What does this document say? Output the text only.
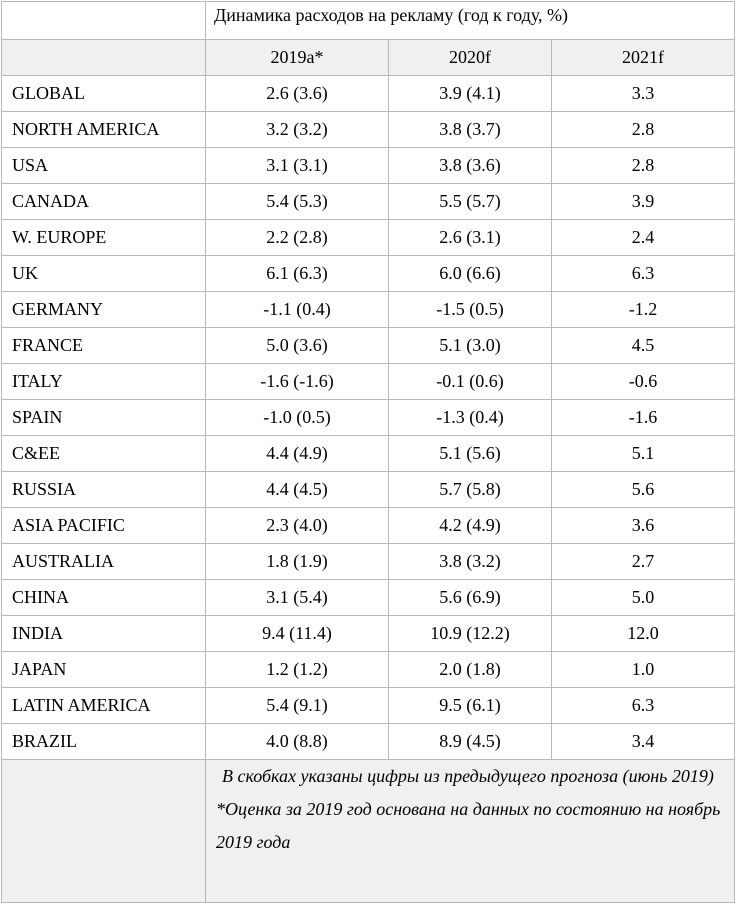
	Динамика расходов на рекламу (год к году, %)		
	2019a*	2020f	2021f
GLOBAL	2.6 (3.6)	3.9 (4.1)	3.3
NORTH AMERICA	3.2 (3.2)	3.8 (3.7)	2.8
USA	3.1 (3.1)	3.8 (3.6)	2.8
CANADA	5.4 (5.3)	5.5 (5.7)	3.9
W. EUROPE	2.2 (2.8)	2.6 (3.1)	2.4
UK	6.1 (6.3)	6.0 (6.6)	6.3
GERMANY	-1.1 (0.4)	-1.5 (0.5)	-1.2
FRANCE	5.0 (3.6)	5.1 (3.0)	4.5
ITALY	-1.6 (-1.6)	-0.1 (0.6)	-0.6
SPAIN	-1.0 (0.5)	-1.3 (0.4)	-1.6
C&EE	4.4 (4.9)	5.1 (5.6)	5.1
RUSSIA	4.4 (4.5)	5.7 (5.8)	5.6
ASIA PACIFIC	2.3 (4.0)	4.2 (4.9)	3.6
AUSTRALIA	1.8 (1.9)	3.8 (3.2)	2.7
CHINA	3.1 (5.4)	5.6 (6.9)	5.0
INDIA	9.4 (11.4)	10.9 (12.2)	12.0
JAPAN	1.2 (1.2)	2.0 (1.8)	1.0
LATIN AMERICA	5.4 (9.1)	9.5 (6.1)	6.3
BRAZIL	4.0 (8.8)	8.9 (4.5)	3.4

	В скобках указаны цифры из предыдущего прогноза (июнь 2019)
*Оценка за 2019 год основана на данных по состоянию на ноябрь 2019 года		
